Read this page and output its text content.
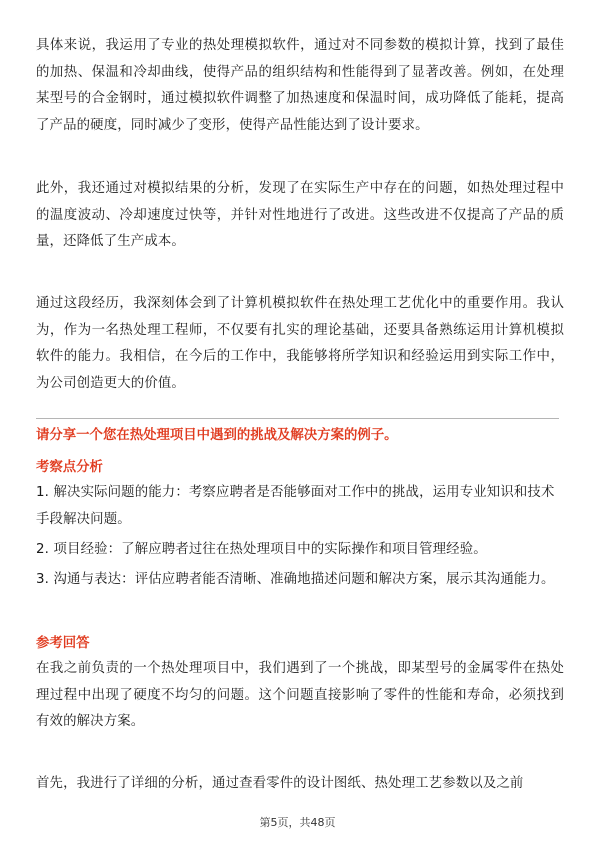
具体来说，我运用了专业的热处理模拟软件，通过对不同参数的模拟计算，找到了最佳的加热、保温和冷却曲线，使得产品的组织结构和性能得到了显著改善。例如，在处理某型号的合金钢时，通过模拟软件调整了加热速度和保温时间，成功降低了能耗，提高了产品的硬度，同时减少了变形，使得产品性能达到了设计要求。

此外，我还通过对模拟结果的分析，发现了在实际生产中存在的问题，如热处理过程中的温度波动、冷却速度过快等，并针对性地进行了改进。这些改进不仅提高了产品的质量，还降低了生产成本。

通过这段经历，我深刻体会到了计算机模拟软件在热处理工艺优化中的重要作用。我认为，作为一名热处理工程师，不仅要有扎实的理论基础，还要具备熟练运用计算机模拟软件的能力。我相信，在今后的工作中，我能够将所学知识和经验运用到实际工作中，为公司创造更大的价值。

请分享一个您在热处理项目中遇到的挑战及解决方案的例子。

考察点分析

1. 解决实际问题的能力：考察应聘者是否能够面对工作中的挑战，运用专业知识和技术手段解决问题。

2. 项目经验：了解应聘者过往在热处理项目中的实际操作和项目管理经验。

3. 沟通与表达：评估应聘者能否清晰、准确地描述问题和解决方案，展示其沟通能力。

参考回答

在我之前负责的一个热处理项目中，我们遇到了一个挑战，即某型号的金属零件在热处理过程中出现了硬度不均匀的问题。这个问题直接影响了零件的性能和寿命，必须找到有效的解决方案。

首先，我进行了详细的分析，通过查看零件的设计图纸、热处理工艺参数以及之前

第5页，共48页
